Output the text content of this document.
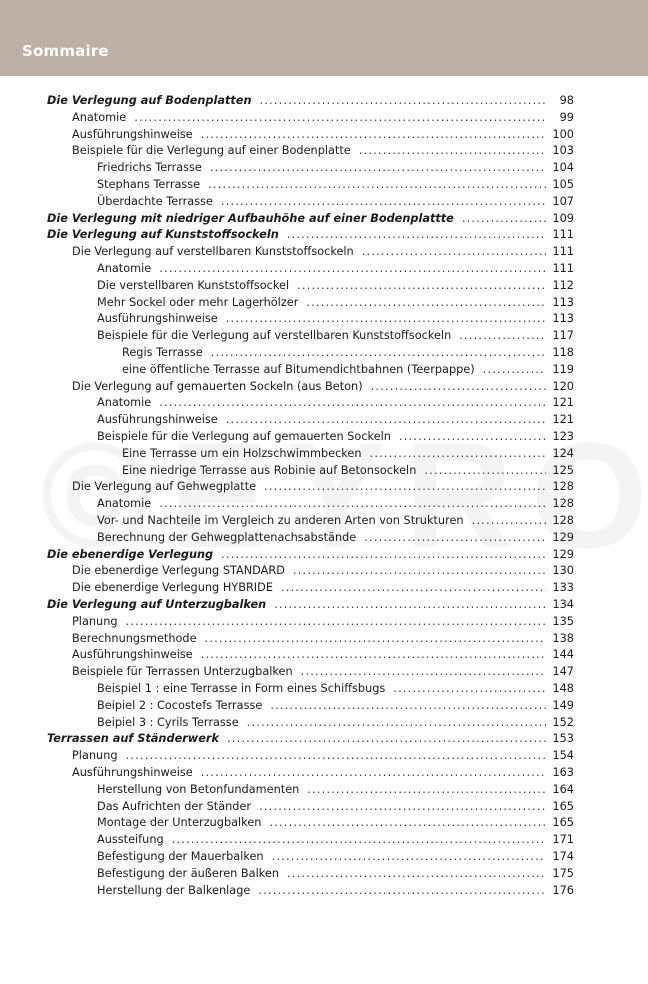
Sommaire
Die Verlegung auf Bodenplatten .....	98
Anatomie .....	99
Ausführungshinweise .....	100
Beispiele für die Verlegung auf einer Bodenplatte .....	103
Friedrichs Terrasse .....	104
Stephans Terrasse .....	105
Überdachte Terrasse .....	107
Die Verlegung mit niedriger Aufbauhöhe auf einer Bodenplattte .....	109
Die Verlegung auf Kunststoffsockeln .....	111
Die Verlegung auf verstellbaren Kunststoffsockeln .....	111
Anatomie .....	111
Die verstellbaren Kunststoffsockel .....	112
Mehr Sockel oder mehr Lagerhölzer .....	113
Ausführungshinweise .....	113
Beispiele für die Verlegung auf verstellbaren Kunststoffsockeln .....	117
Regis Terrasse .....	118
eine öffentliche Terrasse auf Bitumendichtbahnen (Teerpappe) .....	119
Die Verlegung auf gemauerten Sockeln (aus Beton) .....	120
Anatomie .....	121
Ausführungshinweise .....	121
Beispiele für die Verlegung auf gemauerten Sockeln .....	123
Eine Terrasse um ein Holzschwimmbecken .....	124
Eine niedrige Terrasse aus Robinie auf Betonsockeln .....	125
Die Verlegung auf Gehwegplatte .....	128
Anatomie .....	128
Vor- und Nachteile im Vergleich zu anderen Arten von Strukturen .....	128
Berechnung der Gehwegplattenachsabstände .....	129
Die ebenerdige Verlegung .....	129
Die ebenerdige Verlegung STANDARD .....	130
Die ebenerdige Verlegung HYBRIDE .....	133
Die Verlegung auf Unterzugbalken .....	134
Planung .....	135
Berechnungsmethode .....	138
Ausführungshinweise .....	144
Beispiele für Terrassen Unterzugbalken .....	147
Beispiel 1 : eine Terrasse in Form eines Schiffsbugs .....	148
Beipiel 2 : Cocostefs Terrasse .....	149
Beipiel 3 : Cyrils Terrasse .....	152
Terrassen auf Ständerwerk .....	153
Planung .....	154
Ausführungshinweise .....	163
Herstellung von Betonfundamenten .....	164
Das Aufrichten der Ständer .....	165
Montage der Unterzugbalken .....	165
Aussteifung .....	171
Befestigung der Mauerbalken .....	174
Befestigung der äußeren Balken .....	175
Herstellung der Balkenlage .....	176
